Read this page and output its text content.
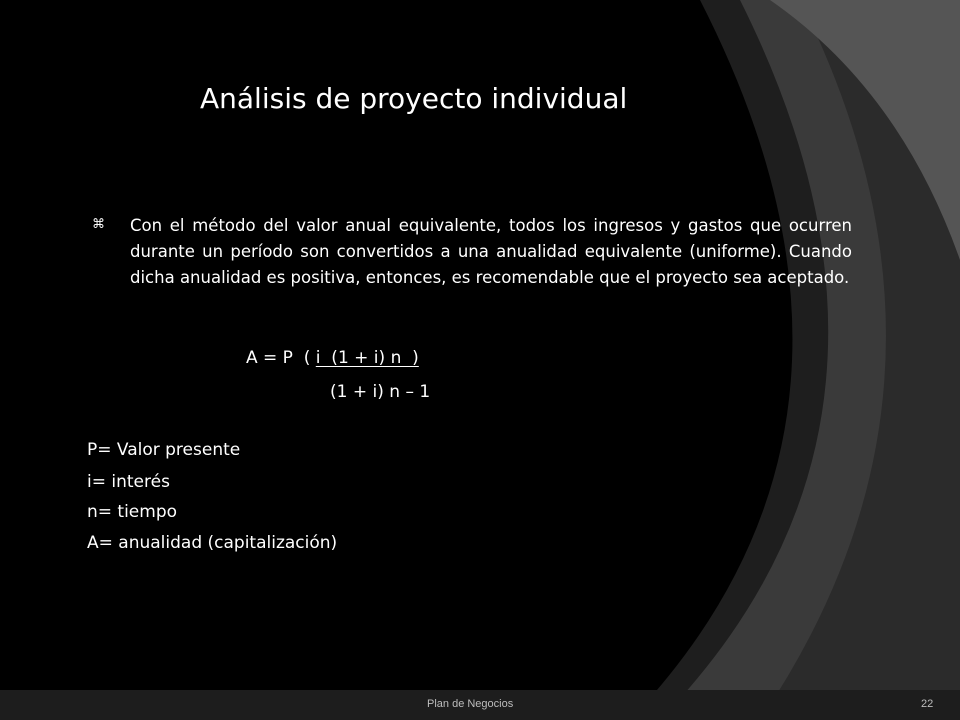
Análisis de proyecto individual
⌘	Con el método del valor anual equivalente, todos los ingresos y gastos que ocurren durante un período son convertidos a una anualidad equivalente (uniforme). Cuando dicha anualidad es positiva, entonces, es recomendable que el proyecto sea aceptado.
A = P  ( i  (1 + i) n  )
(1 + i) n – 1
P= Valor presente
i= interés
n= tiempo
A= anualidad (capitalización)
Plan de Negocios	22
